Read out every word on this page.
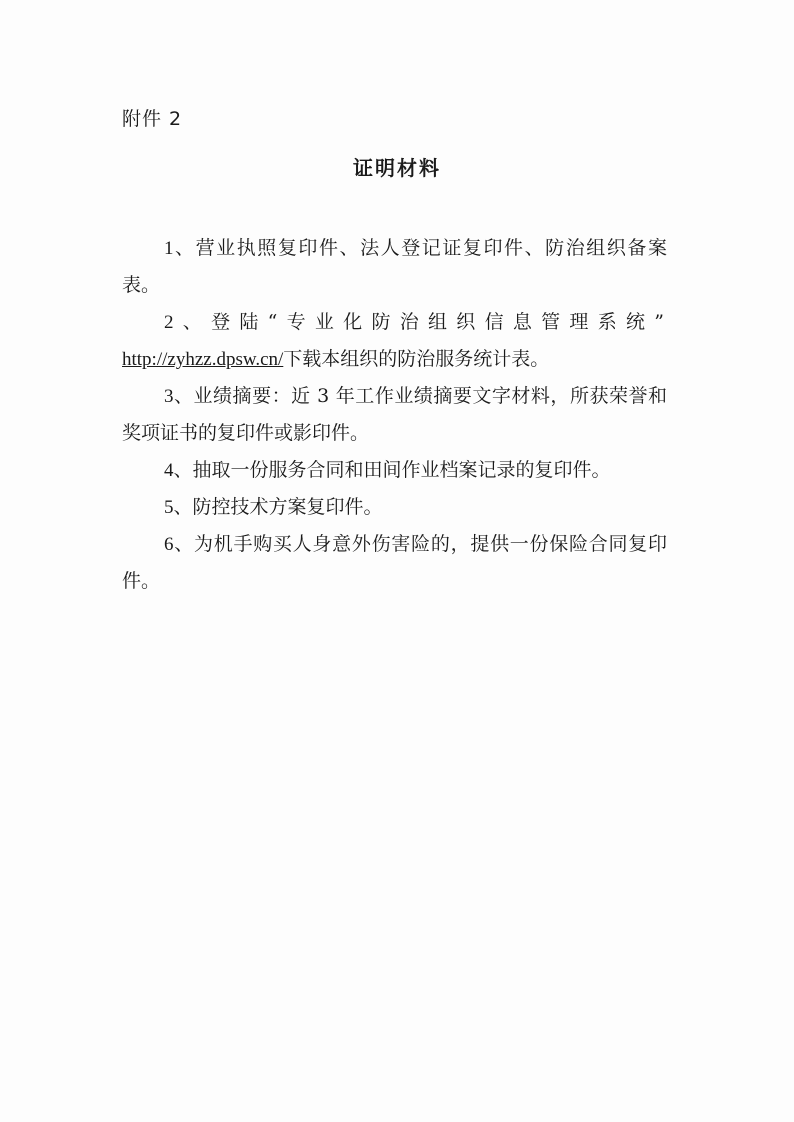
附件 2
证明材料

1、营业执照复印件、法人登记证复印件、防治组织备案表。

2、登陆“专业化防治组织信息管理系统”
http://zyhzz.dpsw.cn/下载本组织的防治服务统计表。

3、业绩摘要：近 3 年工作业绩摘要文字材料，所获荣誉和奖项证书的复印件或影印件。

4、抽取一份服务合同和田间作业档案记录的复印件。

5、防控技术方案复印件。

6、为机手购买人身意外伤害险的，提供一份保险合同复印件。
